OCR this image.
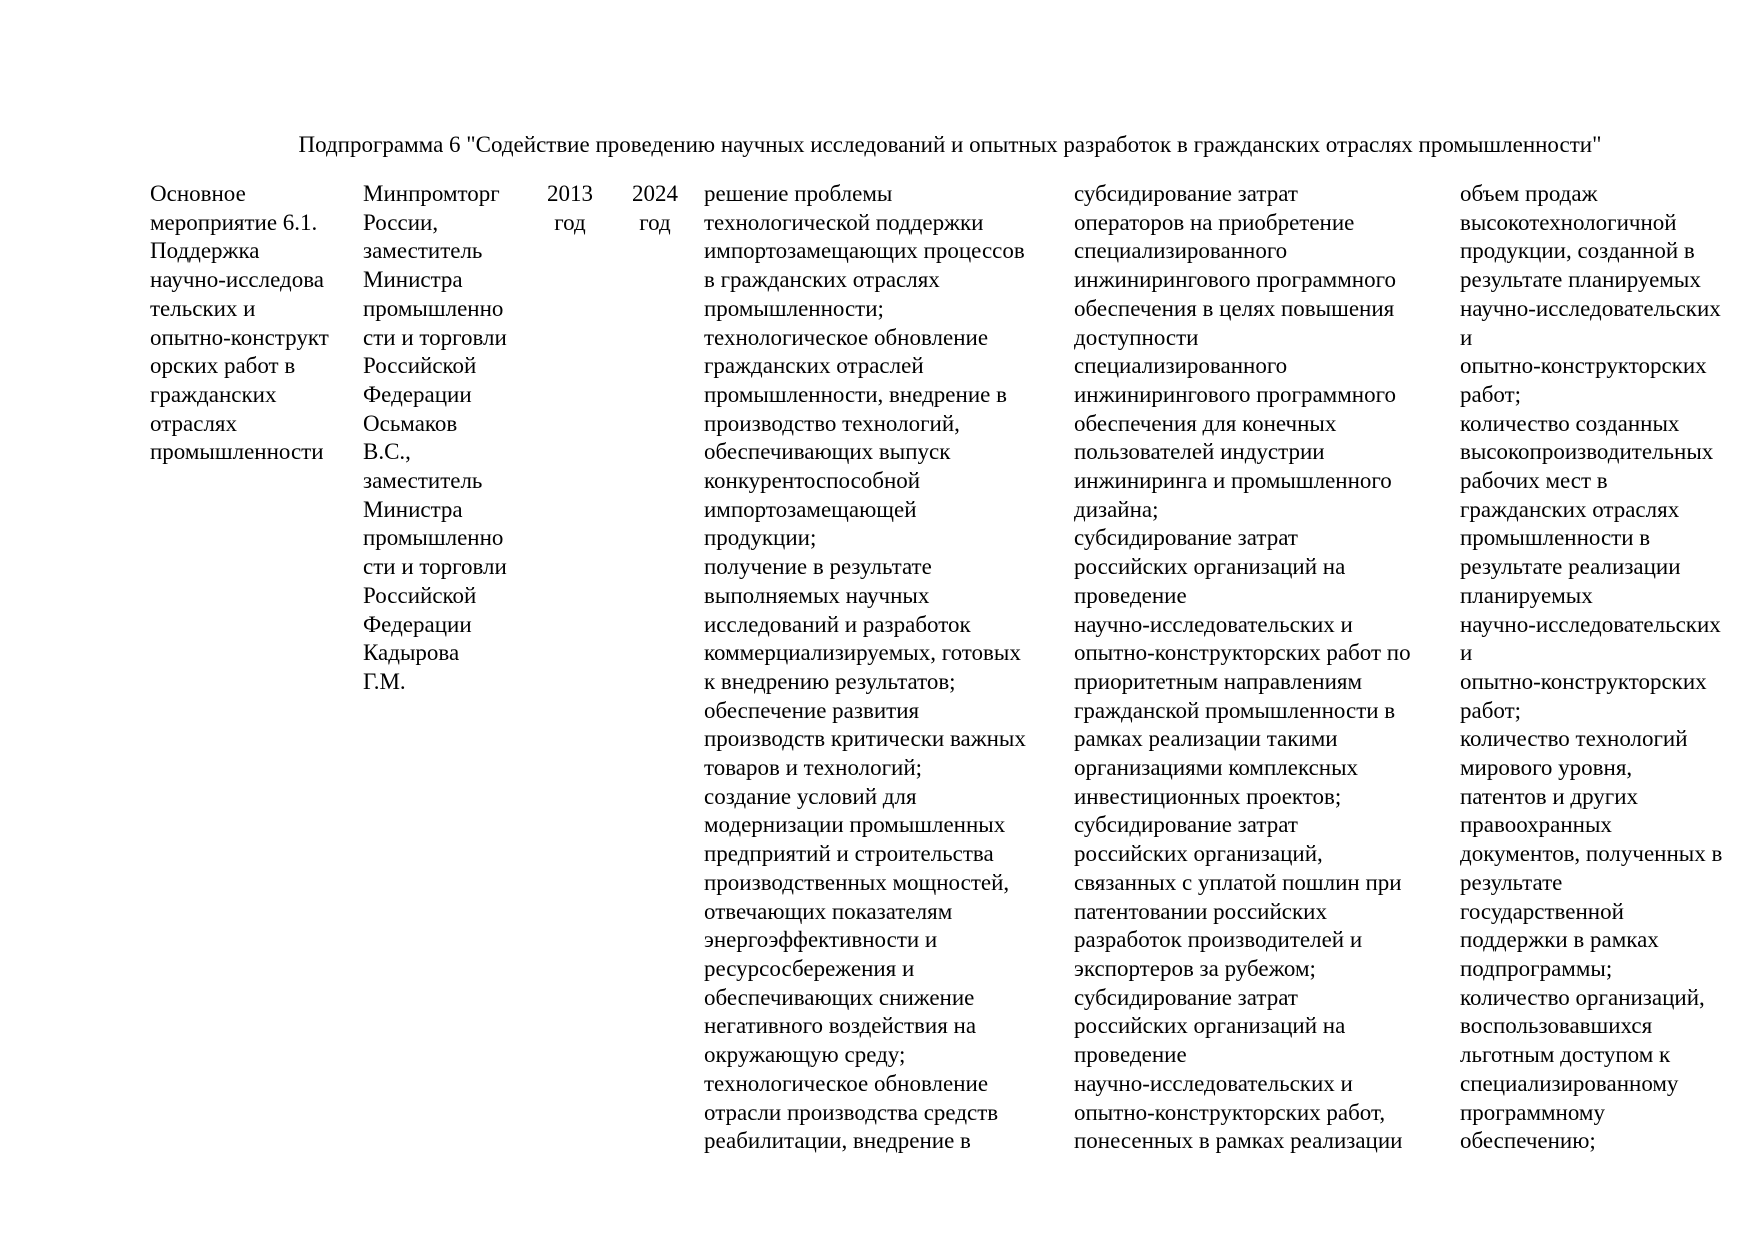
Подпрограмма 6 "Содействие проведению научных исследований и опытных разработок в гражданских отраслях промышленности"
Основное
мероприятие 6.1.
Поддержка
научно-исследова
тельских и
опытно-конструкт
орских работ в
гражданских
отраслях
промышленности
Минпромторг
России,
заместитель
Министра
промышленно
сти и торговли
Российской
Федерации
Осьмаков
В.С.,
заместитель
Министра
промышленно
сти и торговли
Российской
Федерации
Кадырова
Г.М.
2013
год
2024
год
решение проблемы
технологической поддержки
импортозамещающих процессов
в гражданских отраслях
промышленности;
технологическое обновление
гражданских отраслей
промышленности, внедрение в
производство технологий,
обеспечивающих выпуск
конкурентоспособной
импортозамещающей
продукции;
получение в результате
выполняемых научных
исследований и разработок
коммерциализируемых, готовых
к внедрению результатов;
обеспечение развития
производств критически важных
товаров и технологий;
создание условий для
модернизации промышленных
предприятий и строительства
производственных мощностей,
отвечающих показателям
энергоэффективности и
ресурсосбережения и
обеспечивающих снижение
негативного воздействия на
окружающую среду;
технологическое обновление
отрасли производства средств
реабилитации, внедрение в
субсидирование затрат
операторов на приобретение
специализированного
инжинирингового программного
обеспечения в целях повышения
доступности
специализированного
инжинирингового программного
обеспечения для конечных
пользователей индустрии
инжиниринга и промышленного
дизайна;
субсидирование затрат
российских организаций на
проведение
научно-исследовательских и
опытно-конструкторских работ по
приоритетным направлениям
гражданской промышленности в
рамках реализации такими
организациями комплексных
инвестиционных проектов;
субсидирование затрат
российских организаций,
связанных с уплатой пошлин при
патентовании российских
разработок производителей и
экспортеров за рубежом;
субсидирование затрат
российских организаций на
проведение
научно-исследовательских и
опытно-конструкторских работ,
понесенных в рамках реализации
объем продаж
высокотехнологичной
продукции, созданной в
результате планируемых
научно-исследовательских
и
опытно-конструкторских
работ;
количество созданных
высокопроизводительных
рабочих мест в
гражданских отраслях
промышленности в
результате реализации
планируемых
научно-исследовательских
и
опытно-конструкторских
работ;
количество технологий
мирового уровня,
патентов и других
правоохранных
документов, полученных в
результате
государственной
поддержки в рамках
подпрограммы;
количество организаций,
воспользовавшихся
льготным доступом к
специализированному
программному
обеспечению;
